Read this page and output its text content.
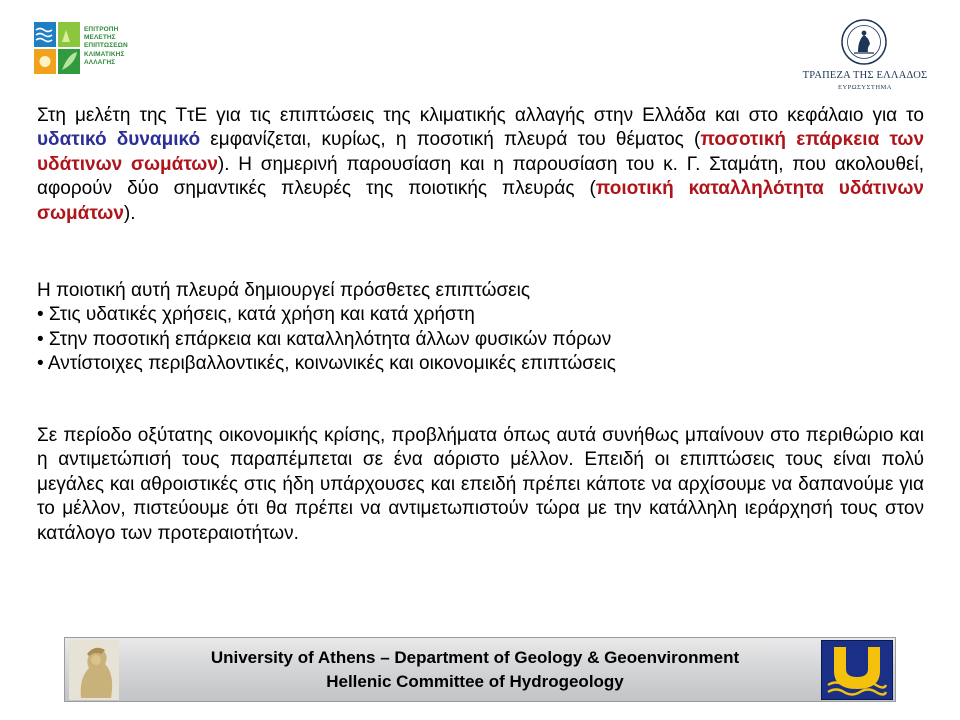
ΕΠΙΤΡΟΠΗ
ΜΕΛΕΤΗΣ
ΕΠΙΠΤΩΣΕΩΝ
ΚΛΙΜΑΤΙΚΗΣ
ΑΛΛΑΓΗΣ
ΤΡΑΠΕΖΑ ΤΗΣ ΕΛΛΑΔΟΣ
ΕΥΡΩΣΥΣΤΗΜΑ

Στη μελέτη της ΤτΕ για τις επιπτώσεις της κλιματικής αλλαγής στην Ελλάδα και στο κεφάλαιο για το υδατικό δυναμικό εμφανίζεται, κυρίως, η ποσοτική πλευρά του θέματος (ποσοτική επάρκεια των υδάτινων σωμάτων). Η σημερινή παρουσίαση και η παρουσίαση του κ. Γ. Σταμάτη, που ακολουθεί, αφορούν δύο σημαντικές πλευρές της ποιοτικής πλευράς (ποιοτική καταλληλότητα υδάτινων σωμάτων).

Η ποιοτική αυτή πλευρά δημιουργεί πρόσθετες επιπτώσεις
• Στις υδατικές χρήσεις, κατά χρήση και κατά χρήστη
• Στην ποσοτική επάρκεια και καταλληλότητα άλλων φυσικών πόρων
• Αντίστοιχες περιβαλλοντικές, κοινωνικές και οικονομικές επιπτώσεις

Σε περίοδο οξύτατης οικονομικής κρίσης, προβλήματα όπως αυτά συνήθως μπαίνουν στο περιθώριο και η αντιμετώπισή τους παραπέμπεται σε ένα αόριστο μέλλον. Επειδή οι επιπτώσεις τους είναι πολύ μεγάλες και αθροιστικές στις ήδη υπάρχουσες και επειδή πρέπει κάποτε να αρχίσουμε να δαπανούμε για το μέλλον, πιστεύουμε ότι θα πρέπει να αντιμετωπιστούν τώρα με την κατάλληλη ιεράρχησή τους στον κατάλογο των προτεραιοτήτων.

University of Athens – Department of Geology & Geoenvironment
Hellenic Committee of Hydrogeology
